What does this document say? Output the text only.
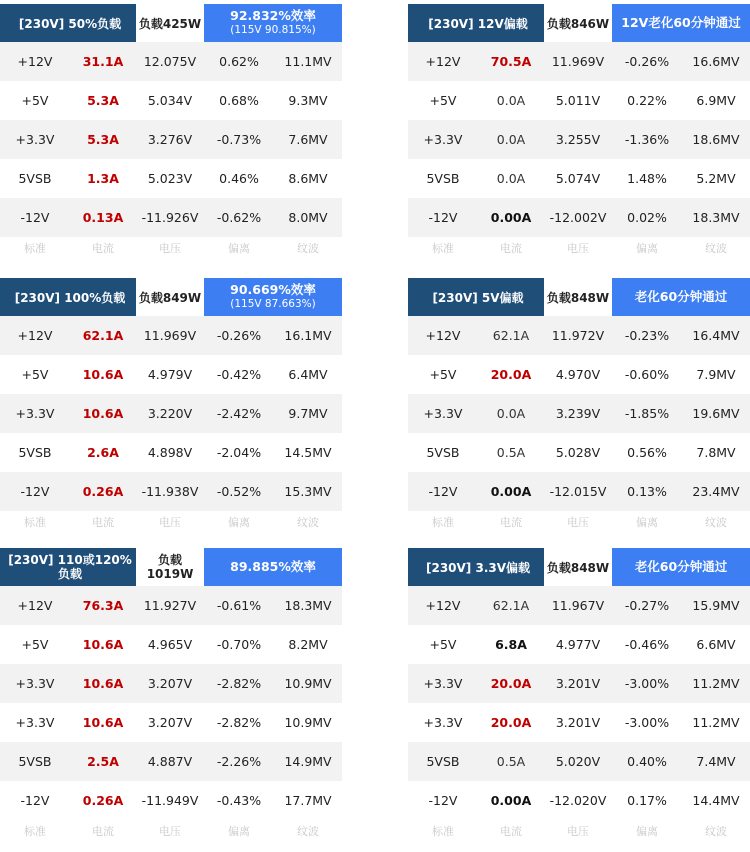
[230V] 50%负载		负载425W	92.832%效率
(115V 90.815%)	

+12V	31.1A	12.075V	0.62%	11.1MV
+5V	5.3A	5.034V	0.68%	9.3MV
+3.3V	5.3A	3.276V	-0.73%	7.6MV
5VSB	1.3A	5.023V	0.46%	8.6MV
-12V	0.13A	-11.926V	-0.62%	8.0MV
标准	电流	电压	偏离	纹波
[230V] 12V偏载		负载846W	12V老化60分钟通过	

+12V	70.5A	11.969V	-0.26%	16.6MV
+5V	0.0A	5.011V	0.22%	6.9MV
+3.3V	0.0A	3.255V	-1.36%	18.6MV
5VSB	0.0A	5.074V	1.48%	5.2MV
-12V	0.00A	-12.002V	0.02%	18.3MV
标准	电流	电压	偏离	纹波
[230V] 100%负载		负载849W	90.669%效率
(115V 87.663%)	

+12V	62.1A	11.969V	-0.26%	16.1MV
+5V	10.6A	4.979V	-0.42%	6.4MV
+3.3V	10.6A	3.220V	-2.42%	9.7MV
5VSB	2.6A	4.898V	-2.04%	14.5MV
-12V	0.26A	-11.938V	-0.52%	15.3MV
标准	电流	电压	偏离	纹波
[230V] 5V偏载		负载848W	老化60分钟通过	

+12V	62.1A	11.972V	-0.23%	16.4MV
+5V	20.0A	4.970V	-0.60%	7.9MV
+3.3V	0.0A	3.239V	-1.85%	19.6MV
5VSB	0.5A	5.028V	0.56%	7.8MV
-12V	0.00A	-12.015V	0.13%	23.4MV
标准	电流	电压	偏离	纹波
[230V] 110或120%负载		负载 1019W	89.885%效率	

+12V	76.3A	11.927V	-0.61%	18.3MV
+5V	10.6A	4.965V	-0.70%	8.2MV
+3.3V	10.6A	3.207V	-2.82%	10.9MV
+3.3V	10.6A	3.207V	-2.82%	10.9MV
5VSB	2.5A	4.887V	-2.26%	14.9MV
-12V	0.26A	-11.949V	-0.43%	17.7MV
标准	电流	电压	偏离	纹波
[230V] 3.3V偏载		负载848W	老化60分钟通过	

+12V	62.1A	11.967V	-0.27%	15.9MV
+5V	6.8A	4.977V	-0.46%	6.6MV
+3.3V	20.0A	3.201V	-3.00%	11.2MV
+3.3V	20.0A	3.201V	-3.00%	11.2MV
5VSB	0.5A	5.020V	0.40%	7.4MV
-12V	0.00A	-12.020V	0.17%	14.4MV
标准	电流	电压	偏离	纹波
